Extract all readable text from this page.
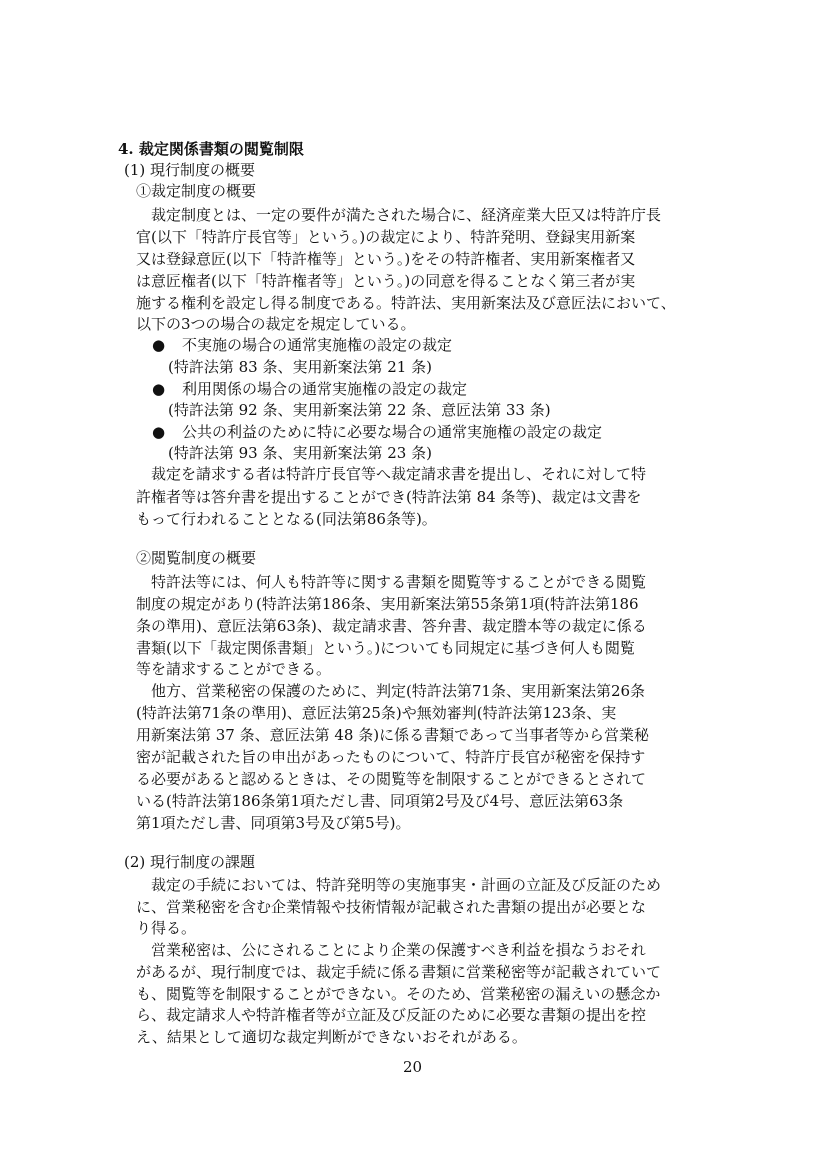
4. 裁定関係書類の閲覧制限
(1) 現行制度の概要
①裁定制度の概要
裁定制度とは、一定の要件が満たされた場合に、経済産業大臣又は特許庁長
官(以下「特許庁長官等」という。)の裁定により、特許発明、登録実用新案
又は登録意匠(以下「特許権等」という。)をその特許権者、実用新案権者又
は意匠権者(以下「特許権者等」という。)の同意を得ることなく第三者が実
施する権利を設定し得る制度である。特許法、実用新案法及び意匠法において、
以下の3つの場合の裁定を規定している。
● 不実施の場合の通常実施権の設定の裁定
(特許法第 83 条、実用新案法第 21 条)
● 利用関係の場合の通常実施権の設定の裁定
(特許法第 92 条、実用新案法第 22 条、意匠法第 33 条)
● 公共の利益のために特に必要な場合の通常実施権の設定の裁定
(特許法第 93 条、実用新案法第 23 条)
裁定を請求する者は特許庁長官等へ裁定請求書を提出し、それに対して特
許権者等は答弁書を提出することができ(特許法第 84 条等)、裁定は文書を
もって行われることとなる(同法第86条等)。
②閲覧制度の概要
特許法等には、何人も特許等に関する書類を閲覧等することができる閲覧
制度の規定があり(特許法第186条、実用新案法第55条第1項(特許法第186
条の準用)、意匠法第63条)、裁定請求書、答弁書、裁定謄本等の裁定に係る
書類(以下「裁定関係書類」という。)についても同規定に基づき何人も閲覧
等を請求することができる。
他方、営業秘密の保護のために、判定(特許法第71条、実用新案法第26条
(特許法第71条の準用)、意匠法第25条)や無効審判(特許法第123条、実
用新案法第 37 条、意匠法第 48 条)に係る書類であって当事者等から営業秘
密が記載された旨の申出があったものについて、特許庁長官が秘密を保持す
る必要があると認めるときは、その閲覧等を制限することができるとされて
いる(特許法第186条第1項ただし書、同項第2号及び4号、意匠法第63条
第1項ただし書、同項第3号及び第5号)。
(2) 現行制度の課題
裁定の手続においては、特許発明等の実施事実・計画の立証及び反証のため
に、営業秘密を含む企業情報や技術情報が記載された書類の提出が必要とな
り得る。
営業秘密は、公にされることにより企業の保護すべき利益を損なうおそれ
があるが、現行制度では、裁定手続に係る書類に営業秘密等が記載されていて
も、閲覧等を制限することができない。そのため、営業秘密の漏えいの懸念か
ら、裁定請求人や特許権者等が立証及び反証のために必要な書類の提出を控
え、結果として適切な裁定判断ができないおそれがある。
20
